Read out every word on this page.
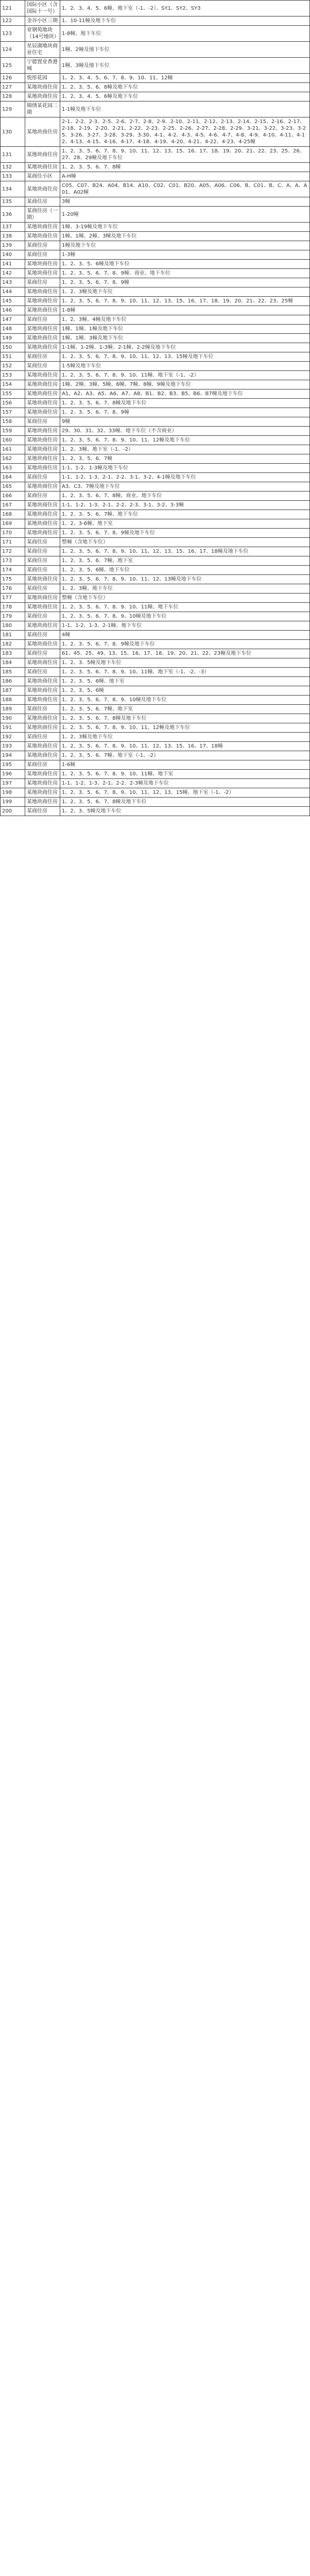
121	国际小区（含国际十一号）	1、2、3、4、5、6幢、地下室（-1、-2）、SY1、SY2、SY3
122	金谷小区三期	1、10-11幢及地下车位
123	亚钢苑地块（14号地块）	1-8幢、地下车位
124	星辰湖地块商业住宅	1幢、2幢及地下车位
125	宁德置业香港城	1幢、3幢及地下车位
126	悦彤花园	1、2、3、4、5、6、7、8、9、10、11、12幢
127	某地块商住房	1、2、3、5、6、8幢及地下车位
128	某地块商住房	1、2、3、4、5、6幢及地下车位
129	锦绣某花园二期	1-1幢及地下车位
130	某地块商住房	2-1、2-2、2-3、2-5、2-6、2-7、2-8、2-9、2-10、2-11、2-12、2-13、2-14、2-15、2-16、2-17、2-18、2-19、2-20、2-21、2-22、2-23、2-25、2-26、2-27、2-28、2-29、3-21、3-22、3-23、3-25、3-26、3-27、3-28、3-29、3-30、4-1、4-2、4-3、4-5、4-6、4-7、4-8、4-9、4-10、4-11、4-12、4-13、4-15、4-16、4-17、4-18、4-19、4-20、4-21、4-22、4-23、4-25幢
131	某地块商住房	1、2、3、5、6、7、8、9、10、11、12、13、15、16、17、18、19、20、21、22、23、25、26、27、28、29幢及地下车位
132	某地块商住房	1、2、3、5、6、7、8幢
133	某商住小区	A-H幢
134	某地块商住房	C05、C07、B24、A04、B14、A10、C02、C01、B20、A05、A06、C06、B、C01、B、C、A、A、A01、A02幢
135	某商住房	3幢
136	某商住房（一期）	1-20幢
137	某地块商住房	1幢、3-19幢及地下车位
138	某地块商住房	1幢、1幢、2幢、3幢及地下车位
139	某商住房	1幢及地下车位
140	某商住房	1-3幢
141	某地块商住房	1、2、3、5、6幢及地下车位
142	某地块商住房	1、2、3、5、6、7、8、9幢、商业、地下车位
143	某商住房	1、2、3、5、6、7、8、9幢
144	某地块商住房	1、2、3幢及地下车位
145	某地块商住房	1、2、3、5、6、7、8、9、10、11、12、13、15、16、17、18、19、20、21、22、23、25幢
146	某地块商住房	1-8幢
147	某商住房	1、2、3幢、4幢及地下车位
148	某地块商住房	1幢、1幢、1幢及地下车位
149	某地块商住房	1幢、1幢、3幢及地下车位
150	某地块商住房	1-1幢、1-2幢、1-3幢、2-1幢、2-2幢及地下车位
151	某商住房	1、2、3、5、6、7、8、9、10、11、12、13、15幢及地下车位
152	某商住房	1-5幢及地下车位
153	某地块商住房	1、2、3、5、6、7、8、9、10、11幢、地下室（-1、-2）
154	某地块商住房	1幢、2幢、3幢、5幢、6幢、7幢、8幢、9幢及地下车位
155	某地块商住房	A1、A2、A3、A5、A6、A7、A8、B1、B2、B3、B5、B6、B7幢及地下车位
156	某地块商住房	1、2、3、5、6、7、8幢及地下车位
157	某地块商住房	1、2、3、5、6、7、8、9幢
158	某商住房	9幢
159	某地块商住房	29、30、31、32、33幢、地下车位（不含商业）
160	某地块商住房	1、2、3、5、6、7、8、9、10、11、12幢及地下车位
161	某地块商住房	1、2、3幢、地下室（-1、-2）
162	某地块商住房	1、2、3、5、6、7幢
163	某地块商住房	1-1、1-2、1-3幢及地下车位
164	某商住房	1-1、1-2、1-3、2-1、2-2、3-1、3-2、4-1幢及地下车位
165	某地块商住房	A3、C3、7幢及地下车位
166	某商住房	1、2、3、5、6、7、8幢、商业、地下车位
167	某地块商住房	1-1、1-2、1-3、2-1、2-2、2-3、3-1、3-2、3-3幢
168	某地块商住房	1、2、3、5、6、7幢、地下车位
169	某地块商住房	1、2、3-6幢、地下室
170	某地块商住房	1、2、3、5、6、7、8、9幢及地下车位
171	某商住房	整幢（含地下车位）
172	某商住房	1、2、3、5、6、7、8、9、10、11、12、13、15、16、17、18幢及地下车位
173	某商住房	1、2、3、5、6、7幢、地下室
174	某商住房	1、2、3、5、6幢、地下车位
175	某地块商住房	1、2、3、5、6、7、8、9、10、11、12、13幢及地下车位
176	某商住房	1、2、3幢、地下车位
177	某地块商住房	整幢（含地下车位）
178	某地块商住房	1、2、3、5、6、7、8、9、10、11幢、地下车位
179	某商住房	1、2、3、5、6、7、8、9、10幢及地下车位
180	某地块商住房	1-1、1-2、1-3、2-1幢、地下车位
181	某商住房	4幢
182	某地块商住房	1、2、3、5、6、7、8、9幢及地下车位
183	某商住房	61、45、25、49、13、15、16、17、18、19、20、21、22、23幢及地下车位
184	某地块商住房	1、2、3、5幢及地下车位
185	某商住房	1、2、3、5、6、7、8、9、10、11幢、地下室（-1、-2、-3）
186	某地块商住房	1、2、3、5、6幢、地下室
187	某地块商住房	1、2、3、5、6幢
188	某地块商住房	1、2、3、5、6、7、8、9、10幢及地下车位
189	某商住房	1、2、3、5、6、7幢、地下室
190	某地块商住房	1、2、3、5、6、7、8幢及地下车位
191	某地块商住房	1、2、3、5、6、7、8、9、10、11、12幢及地下车位
192	某商住房	1、2、3幢及地下车位
193	某地块商住房	1、2、3、5、6、7、8、9、10、11、12、13、15、16、17、18幢
194	某地块商住房	1、2、3、5、6、7幢、地下室（-1、-2）
195	某商住房	1-6幢
196	某地块商住房	1、2、3、5、6、7、8、9、10、11幢、地下室
197	某地块商住房	1-1、1-2、1-3、2-1、2-2、2-3幢及地下车位
198	某地块商住房	1、2、3、5、6、7、8、9、10、11、12、13、15幢、地下室（-1、-2）
199	某地块商住房	1、2、3、5、6、7、8幢及地下车位
200	某商住房	1、2、3、5幢及地下车位
